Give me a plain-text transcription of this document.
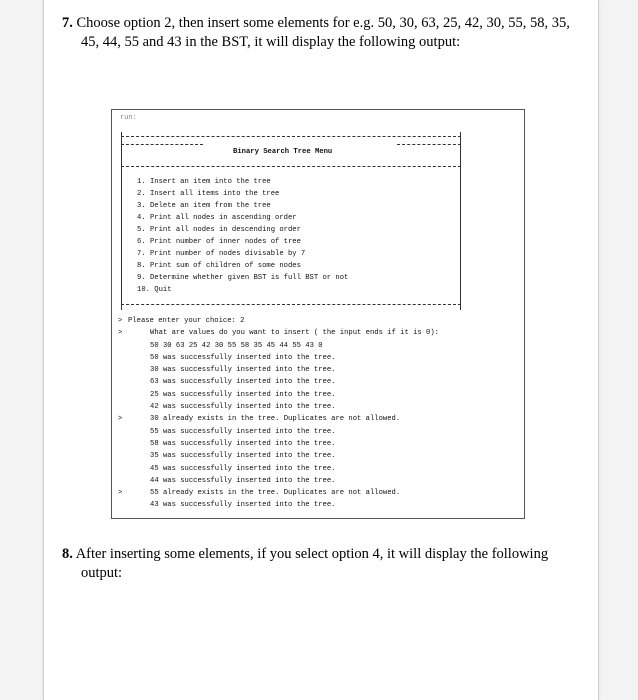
7. Choose option 2, then insert some elements for e.g. 50, 30, 63, 25, 42, 30, 55, 58, 35,
45, 44, 55 and 43 in the BST, it will display the following output:
run:
Binary Search Tree Menu
1. Insert an item into the tree
2. Insert all items into the tree
3. Delete an item from the tree
4. Print all nodes in ascending order
5. Print all nodes in descending order
6. Print number of inner nodes of tree
7. Print number of nodes divisable by 7
8. Print sum of children of some nodes
9. Determine whether given BST is full BST or not
10. Quit
> Please enter your choice: 2
>	What are values do you want to insert ( the input ends if it is 0):
50 30 63 25 42 30 55 58 35 45 44 55 43 0
50 was successfully inserted into the tree.
30 was successfully inserted into the tree.
63 was successfully inserted into the tree.
25 was successfully inserted into the tree.
42 was successfully inserted into the tree.
>	30 already exists in the tree. Duplicates are not allowed.
55 was successfully inserted into the tree.
58 was successfully inserted into the tree.
35 was successfully inserted into the tree.
45 was successfully inserted into the tree.
44 was successfully inserted into the tree.
>	55 already exists in the tree. Duplicates are not allowed.
43 was successfully inserted into the tree.
8. After inserting some elements, if you select option 4, it will display the following
output:
